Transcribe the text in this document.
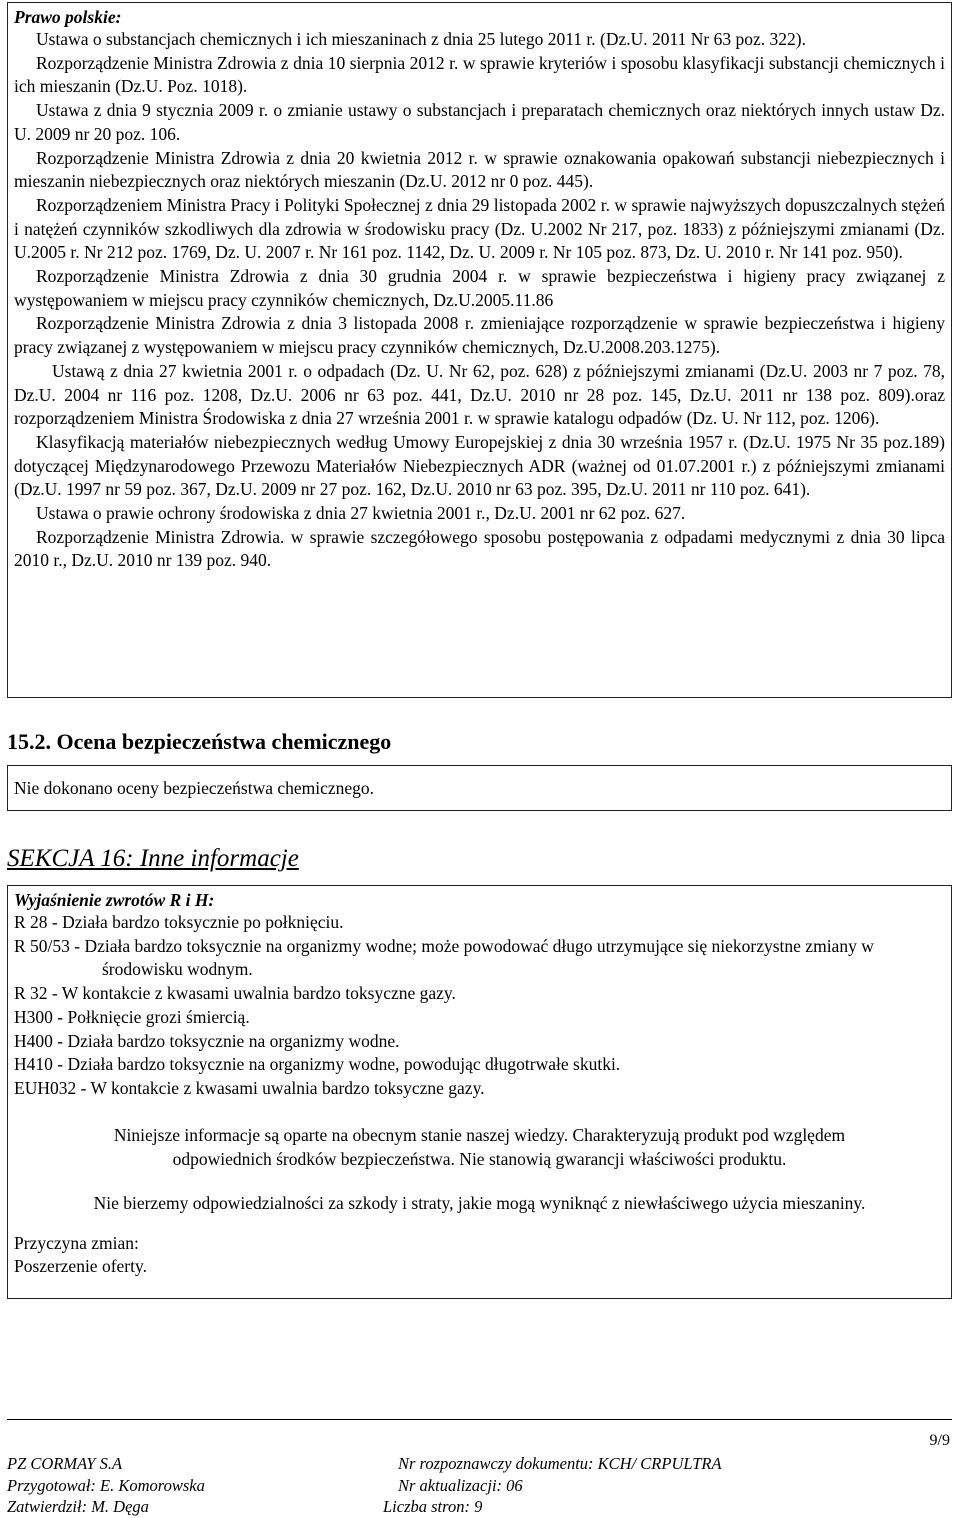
Prawo polskie:

Ustawa o substancjach chemicznych i ich mieszaninach z dnia 25 lutego 2011 r. (Dz.U. 2011 Nr 63 poz. 322).

Rozporządzenie Ministra Zdrowia z dnia 10 sierpnia 2012 r. w sprawie kryteriów i sposobu klasyfikacji substancji chemicznych i ich mieszanin (Dz.U. Poz. 1018).

Ustawa z dnia 9 stycznia 2009 r. o zmianie ustawy o substancjach i preparatach chemicznych oraz niektórych innych ustaw Dz. U. 2009 nr 20 poz. 106.

Rozporządzenie Ministra Zdrowia z dnia 20 kwietnia 2012 r. w sprawie oznakowania opakowań substancji niebezpiecznych i mieszanin niebezpiecznych oraz niektórych mieszanin (Dz.U. 2012 nr 0 poz. 445).

Rozporządzeniem Ministra Pracy i Polityki Społecznej z dnia 29 listopada 2002 r. w sprawie najwyższych dopuszczalnych stężeń i natężeń czynników szkodliwych dla zdrowia w środowisku pracy (Dz. U.2002 Nr 217, poz. 1833) z późniejszymi zmianami (Dz. U.2005 r. Nr 212 poz. 1769, Dz. U. 2007 r. Nr 161 poz. 1142, Dz. U. 2009 r. Nr 105 poz. 873, Dz. U. 2010 r. Nr 141 poz. 950).

Rozporządzenie Ministra Zdrowia z dnia 30 grudnia 2004 r. w sprawie bezpieczeństwa i higieny pracy związanej z występowaniem w miejscu pracy czynników chemicznych, Dz.U.2005.11.86

Rozporządzenie Ministra Zdrowia z dnia 3 listopada 2008 r. zmieniające rozporządzenie w sprawie bezpieczeństwa i higieny pracy związanej z występowaniem w miejscu pracy czynników chemicznych, Dz.U.2008.203.1275).

Ustawą z dnia 27 kwietnia 2001 r. o odpadach (Dz. U. Nr 62, poz. 628) z późniejszymi zmianami (Dz.U. 2003 nr 7 poz. 78, Dz.U. 2004 nr 116 poz. 1208, Dz.U. 2006 nr 63 poz. 441, Dz.U. 2010 nr 28 poz. 145, Dz.U. 2011 nr 138 poz. 809).oraz rozporządzeniem Ministra Środowiska z dnia 27 września 2001 r. w sprawie katalogu odpadów (Dz. U. Nr 112, poz. 1206).

Klasyfikacją materiałów niebezpiecznych według Umowy Europejskiej z dnia 30 września 1957 r. (Dz.U. 1975 Nr 35 poz.189) dotyczącej Międzynarodowego Przewozu Materiałów Niebezpiecznych ADR (ważnej od 01.07.2001 r.) z późniejszymi zmianami (Dz.U. 1997 nr 59 poz. 367, Dz.U. 2009 nr 27 poz. 162, Dz.U. 2010 nr 63 poz. 395, Dz.U. 2011 nr 110 poz. 641).

Ustawa o prawie ochrony środowiska z dnia 27 kwietnia 2001 r., Dz.U. 2001 nr 62 poz. 627.

Rozporządzenie Ministra Zdrowia. w sprawie szczegółowego sposobu postępowania z odpadami medycznymi z dnia 30 lipca 2010 r., Dz.U. 2010 nr 139 poz. 940.

15.2. Ocena bezpieczeństwa chemicznego

Nie dokonano oceny bezpieczeństwa chemicznego.

SEKCJA 16: Inne informacje
Wyjaśnienie zwrotów R i H:

R 28 - Działa bardzo toksycznie po połknięciu.

R 50/53 - Działa bardzo toksycznie na organizmy wodne; może powodować długo utrzymujące się niekorzystne zmiany w środowisku wodnym.

R 32 - W kontakcie z kwasami uwalnia bardzo toksyczne gazy.

H300 - Połknięcie grozi śmiercią.

H400 - Działa bardzo toksycznie na organizmy wodne.

H410 - Działa bardzo toksycznie na organizmy wodne, powodując długotrwałe skutki.

EUH032 - W kontakcie z kwasami uwalnia bardzo toksyczne gazy.

Niniejsze informacje są oparte na obecnym stanie naszej wiedzy. Charakteryzują produkt pod względem

odpowiednich środków bezpieczeństwa. Nie stanowią gwarancji właściwości produktu.

Nie bierzemy odpowiedzialności za szkody i straty, jakie mogą wyniknąć z niewłaściwego użycia mieszaniny.

Przyczyna zmian:

Poszerzenie oferty.

9/9
PZ CORMAY S.A	Nr rozpoznawczy dokumentu: KCH/ CRPULTRA
Przygotował: E. Komorowska	Nr aktualizacji: 06
Zatwierdził: M. Dęga	Liczba stron: 9
